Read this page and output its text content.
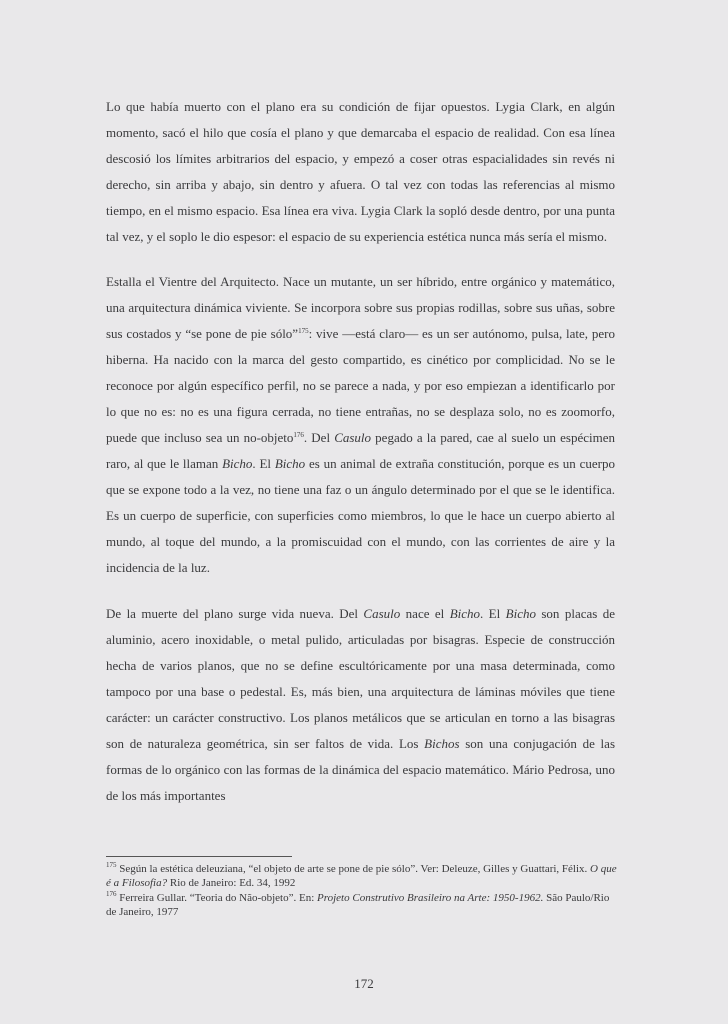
Lo que había muerto con el plano era su condición de fijar opuestos. Lygia Clark, en algún momento, sacó el hilo que cosía el plano y que demarcaba el espacio de realidad. Con esa línea descosió los límites arbitrarios del espacio, y empezó a coser otras espacialidades sin revés ni derecho, sin arriba y abajo, sin dentro y afuera. O tal vez con todas las referencias al mismo tiempo, en el mismo espacio. Esa línea era viva. Lygia Clark la sopló desde dentro, por una punta tal vez, y el soplo le dio espesor: el espacio de su experiencia estética nunca más sería el mismo.

Estalla el Vientre del Arquitecto. Nace un mutante, un ser híbrido, entre orgánico y matemático, una arquitectura dinámica viviente. Se incorpora sobre sus propias rodillas, sobre sus uñas, sobre sus costados y “se pone de pie sólo”$^{175}$: vive —está claro— es un ser autónomo, pulsa, late, pero hiberna. Ha nacido con la marca del gesto compartido, es cinético por complicidad. No se le reconoce por algún específico perfil, no se parece a nada, y por eso empiezan a identificarlo por lo que no es: no es una figura cerrada, no tiene entrañas, no se desplaza solo, no es zoomorfo, puede que incluso sea un no-objeto$^{176}$. Del Casulo pegado a la pared, cae al suelo un espécimen raro, al que le llaman Bicho. El Bicho es un animal de extraña constitución, porque es un cuerpo que se expone todo a la vez, no tiene una faz o un ángulo determinado por el que se le identifica. Es un cuerpo de superficie, con superficies como miembros, lo que le hace un cuerpo abierto al mundo, al toque del mundo, a la promiscuidad con el mundo, con las corrientes de aire y la incidencia de la luz.

De la muerte del plano surge vida nueva. Del Casulo nace el Bicho. El Bicho son placas de aluminio, acero inoxidable, o metal pulido, articuladas por bisagras. Especie de construcción hecha de varios planos, que no se define escultóricamente por una masa determinada, como tampoco por una base o pedestal. Es, más bien, una arquitectura de láminas móviles que tiene carácter: un carácter constructivo. Los planos metálicos que se articulan en torno a las bisagras son de naturaleza geométrica, sin ser faltos de vida. Los Bichos son una conjugación de las formas de lo orgánico con las formas de la dinámica del espacio matemático. Mário Pedrosa, uno de los más importantes

$^{175}$ Según la estética deleuziana, “el objeto de arte se pone de pie sólo”. Ver: Deleuze, Gilles y Guattari, Félix. O que é a Filosofia? Rio de Janeiro: Ed. 34, 1992

$^{176}$ Ferreira Gullar. “Teoria do Não-objeto”. En: Projeto Construtivo Brasileiro na Arte: 1950-1962. São Paulo/Rio de Janeiro, 1977

172
